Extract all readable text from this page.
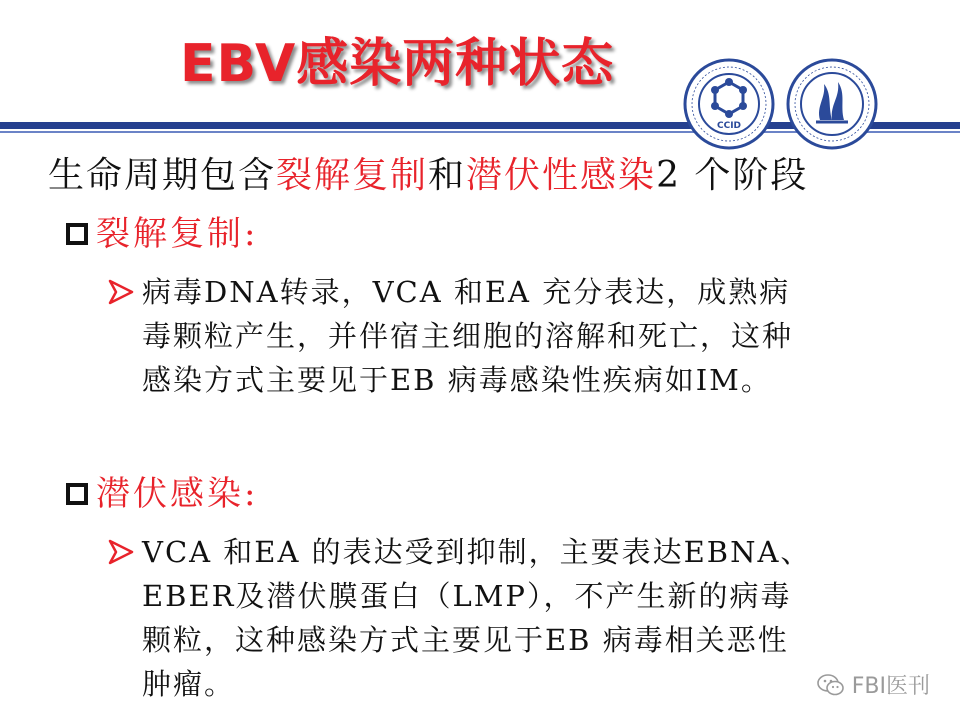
EBV感染两种状态
CCID
生命周期包含裂解复制和潜伏性感染2 个阶段
裂解复制:
病毒DNA转录，VCA 和EA 充分表达，成熟病
毒颗粒产生，并伴宿主细胞的溶解和死亡，这种
感染方式主要见于EB 病毒感染性疾病如IM。
潜伏感染:
VCA 和EA 的表达受到抑制，主要表达EBNA、
EBER及潜伏膜蛋白（LMP），不产生新的病毒
颗粒，这种感染方式主要见于EB 病毒相关恶性
肿瘤。	FBI医刊
